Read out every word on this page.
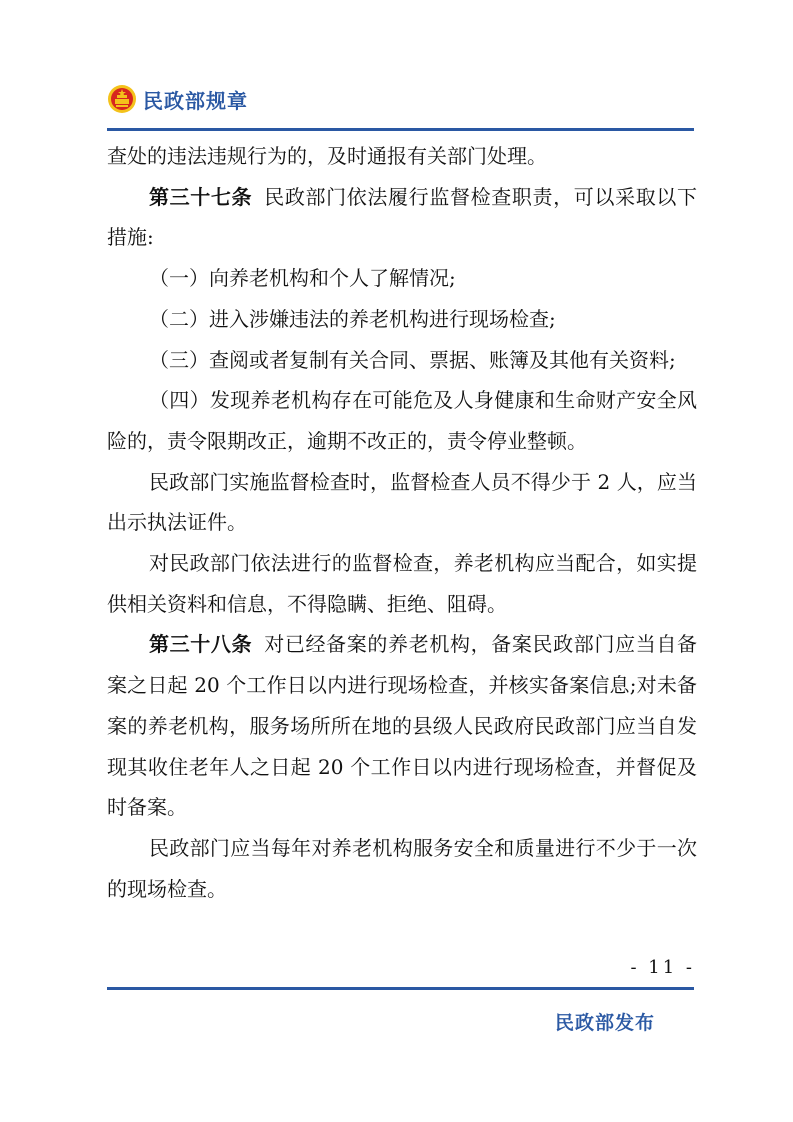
民政部规章

查处的违法违规行为的，及时通报有关部门处理。

第三十七条 民政部门依法履行监督检查职责，可以采取以下措施:

（一）向养老机构和个人了解情况;

（二）进入涉嫌违法的养老机构进行现场检查;

（三）查阅或者复制有关合同、票据、账簿及其他有关资料;

（四）发现养老机构存在可能危及人身健康和生命财产安全风险的，责令限期改正，逾期不改正的，责令停业整顿。

民政部门实施监督检查时，监督检查人员不得少于 2 人，应当出示执法证件。

对民政部门依法进行的监督检查，养老机构应当配合，如实提供相关资料和信息，不得隐瞒、拒绝、阻碍。

第三十八条 对已经备案的养老机构，备案民政部门应当自备案之日起 20 个工作日以内进行现场检查，并核实备案信息;对未备案的养老机构，服务场所所在地的县级人民政府民政部门应当自发现其收住老年人之日起 20 个工作日以内进行现场检查，并督促及时备案。

民政部门应当每年对养老机构服务安全和质量进行不少于一次的现场检查。

- 11 -
民政部发布
